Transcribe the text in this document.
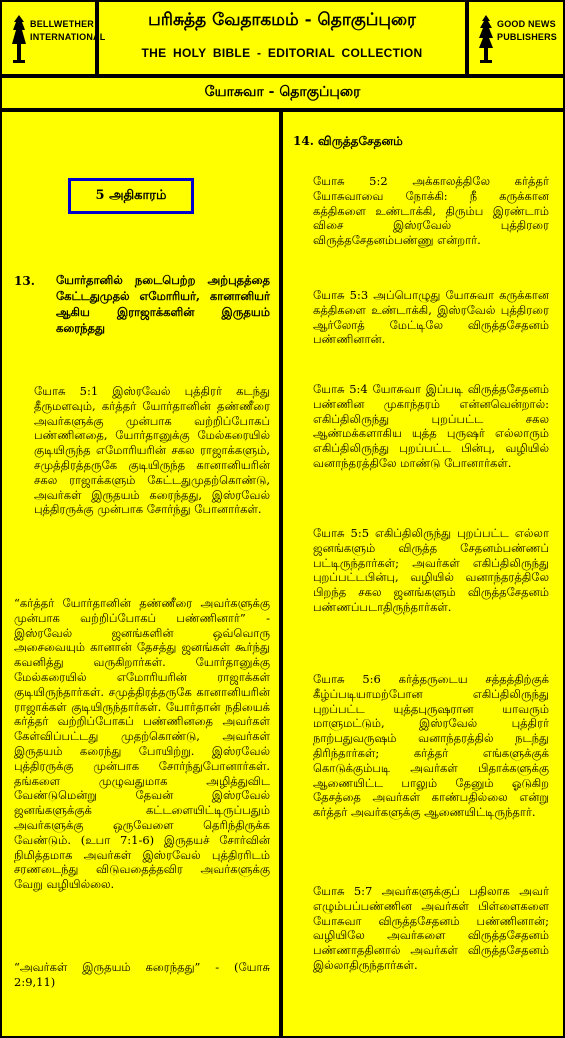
BELLWETHER
INTERNATIONAL
பரிசுத்த வேதாகமம் - தொகுப்புரை
THE HOLY BIBLE - EDITORIAL COLLECTION
GOOD NEWS
PUBLISHERS
யோசுவா - தொகுப்புரை
5 அதிகாரம்
13. யோர்தானில் நடைபெற்ற அற்புதத்தை கேட்டதுமுதல் எமோரியர், கானானியர் ஆகிய இராஜாக்களின் இருதயம் கரைந்தது
யோசு 5:1 இஸ்ரவேல் புத்திரர் கடந்து தீருமளவும், கர்த்தர் யோர்தானின் தண்ணீரை அவர்களுக்கு முன்பாக வற்றிப்போகப் பண்ணினதை, யோர்தானுக்கு மேல்கரையில் குடியிருந்த எமோரியரின் சகல ராஜாக்களும், சமுத்திரத்தருகே குடியிருந்த கானானியரின் சகல ராஜாக்களும் கேட்டதுமுதற்கொண்டு, அவர்கள் இருதயம் கரைந்தது, இஸ்ரவேல் புத்திரருக்கு முன்பாக சோர்ந்து போனார்கள்.
“கர்த்தர் யோர்தானின் தண்ணீரை அவர்களுக்கு முன்பாக வற்றிப்போகப் பண்ணினார்” - இஸ்ரவேல் ஜனங்களின் ஒவ்வொரு அசைவையும் கானான் தேசத்து ஜனங்கள் கூர்ந்து கவனித்து வருகிறார்கள். யோர்தானுக்கு மேல்கரையில் எமோரியரின் ராஜாக்கள் குடியிருந்தார்கள். சமுத்திரத்தருகே கானானியரின் ராஜாக்கள் குடியிருந்தார்கள். யோர்தான் நதியைக் கர்த்தர் வற்றிப்போகப் பண்ணினதை அவர்கள் கேள்விப்பட்டது முதற்கொண்டு, அவர்கள் இருதயம் கரைந்து போயிற்று. இஸ்ரவேல் புத்திரருக்கு முன்பாக சோர்ந்துபோனார்கள். தங்களை முழுவதுமாக அழித்துவிட வேண்டுமென்று தேவன் இஸ்ரவேல் ஜனங்களுக்குக் கட்டளையிட்டிருப்பதும் அவர்களுக்கு ஒருவேளை தெரிந்திருக்க வேண்டும். (உபா 7:1-6) இருதயச் சோர்வின் நிமித்தமாக அவர்கள் இஸ்ரவேல் புத்திரரிடம் சரணடைந்து விடுவதைத்தவிர அவர்களுக்கு வேறு வழியில்லை.
“அவர்கள் இருதயம் கரைந்தது” - (யோசு 2:9,11)
14. விருத்தசேதனம்
யோசு 5:2 அக்காலத்திலே கர்த்தர் யோசுவாவை நோக்கி: நீ கருக்கான கத்திகளை உண்டாக்கி, திரும்ப இரண்டாம் விசை இஸ்ரவேல் புத்திரரை விருத்தசேதனம்பண்ணு என்றார்.
யோசு 5:3 அப்பொழுது யோசுவா கருக்கான கத்திகளை உண்டாக்கி, இஸ்ரவேல் புத்திரரை ஆர்லோத் மேட்டிலே விருத்தசேதனம் பண்ணினான்.
யோசு 5:4 யோசுவா இப்படி விருத்தசேதனம் பண்ணின முகாந்தரம் என்னவென்றால்: எகிப்திலிருந்து புறப்பட்ட சகல ஆண்மக்களாகிய யுத்த புருஷர் எல்லாரும் எகிப்திலிருந்து புறப்பட்ட பின்பு, வழியில் வனாந்தரத்திலே மாண்டு போனார்கள்.
யோசு 5:5 எகிப்திலிருந்து புறப்பட்ட எல்லா ஜனங்களும் விருத்த சேதனம்பண்ணப் பட்டிருந்தார்கள்; அவர்கள் எகிப்திலிருந்து புறப்பட்டபின்பு, வழியில் வனாந்தரத்திலே பிறந்த சகல ஜனங்களும் விருத்தசேதனம் பண்ணப்படாதிருந்தார்கள்.
யோசு 5:6 கர்த்தருடைய சத்தத்திற்குக் கீழ்ப்படியாமற்போன எகிப்திலிருந்து புறப்பட்ட யுத்தபுருஷரான யாவரும் மாளுமட்டும், இஸ்ரவேல் புத்திரர் நாற்பதுவருஷம் வனாந்தரத்தில் நடந்து திரிந்தார்கள்; கர்த்தர் எங்களுக்குக் கொடுக்கும்படி அவர்கள் பிதாக்களுக்கு ஆணையிட்ட பாலும் தேனும் ஓடுகிற தேசத்தை அவர்கள் காண்பதில்லை என்று கர்த்தர் அவர்களுக்கு ஆணையிட்டிருந்தார்.
யோசு 5:7 அவர்களுக்குப் பதிலாக அவர் எழும்பப்பண்ணின அவர்கள் பிள்ளைகளை யோசுவா விருத்தசேதனம் பண்ணினான்; வழியிலே அவர்களை விருத்தசேதனம் பண்ணாததினால் அவர்கள் விருத்தசேதனம் இல்லாதிருந்தார்கள்.
